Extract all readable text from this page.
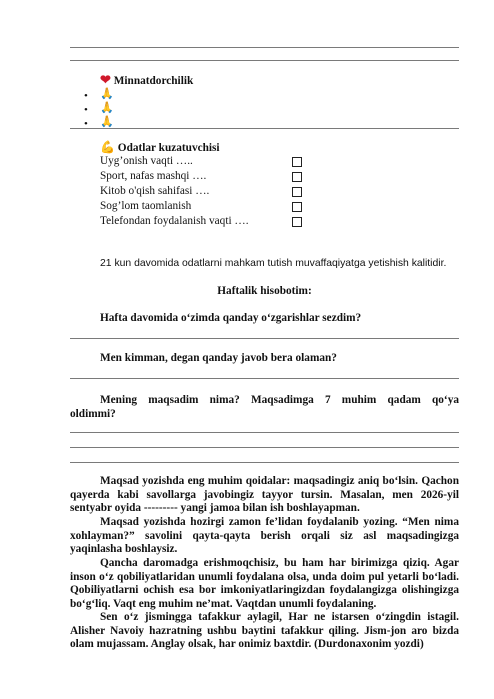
❤ Minnatdorchilik
• 🙏
• 🙏
• 🙏
💪 Odatlar kuzatuvchisi
Uyg’onish vaqti …..
Sport, nafas mashqi ….
Kitob o'qish sahifasi ….
Sog’lom taomlanish
Telefondan foydalanish vaqti ….
21 kun davomida odatlarni mahkam tutish muvaffaqiyatga yetishish kalitidir.
Haftalik hisobotim:
Hafta davomida o‘zimda qanday o‘zgarishlar sezdim?
Men kimman, degan qanday javob bera olaman?
Mening maqsadim nima? Maqsadimga 7 muhim qadam qo‘ya oldimmi?
Maqsad yozishda eng muhim qoidalar: maqsadingiz aniq bo‘lsin. Qachon qayerda kabi savollarga javobingiz tayyor tursin. Masalan, men 2026-yil sentyabr oyida --------- yangi jamoa bilan ish boshlayapman.
Maqsad yozishda hozirgi zamon fe’lidan foydalanib yozing. “Men nima xohlayman?” savolini qayta-qayta berish orqali siz asl maqsadingizga yaqinlasha boshlaysiz.
Qancha daromadga erishmoqchisiz, bu ham har birimizga qiziq. Agar inson o‘z qobiliyatlaridan unumli foydalana olsa, unda doim pul yetarli bo‘ladi. Qobiliyatlarni ochish esa bor imkoniyatlaringizdan foydalangizga olishingizga bo‘g‘liq. Vaqt eng muhim ne’mat. Vaqtdan unumli foydalaning.
Sen o‘z jismingga tafakkur aylagil, Har ne istarsen o‘zingdin istagil. Alisher Navoiy hazratning ushbu baytini tafakkur qiling. Jism-jon aro bizda olam mujassam. Anglay olsak, har onimiz baxtdir. (Durdonaxonim yozdi)
